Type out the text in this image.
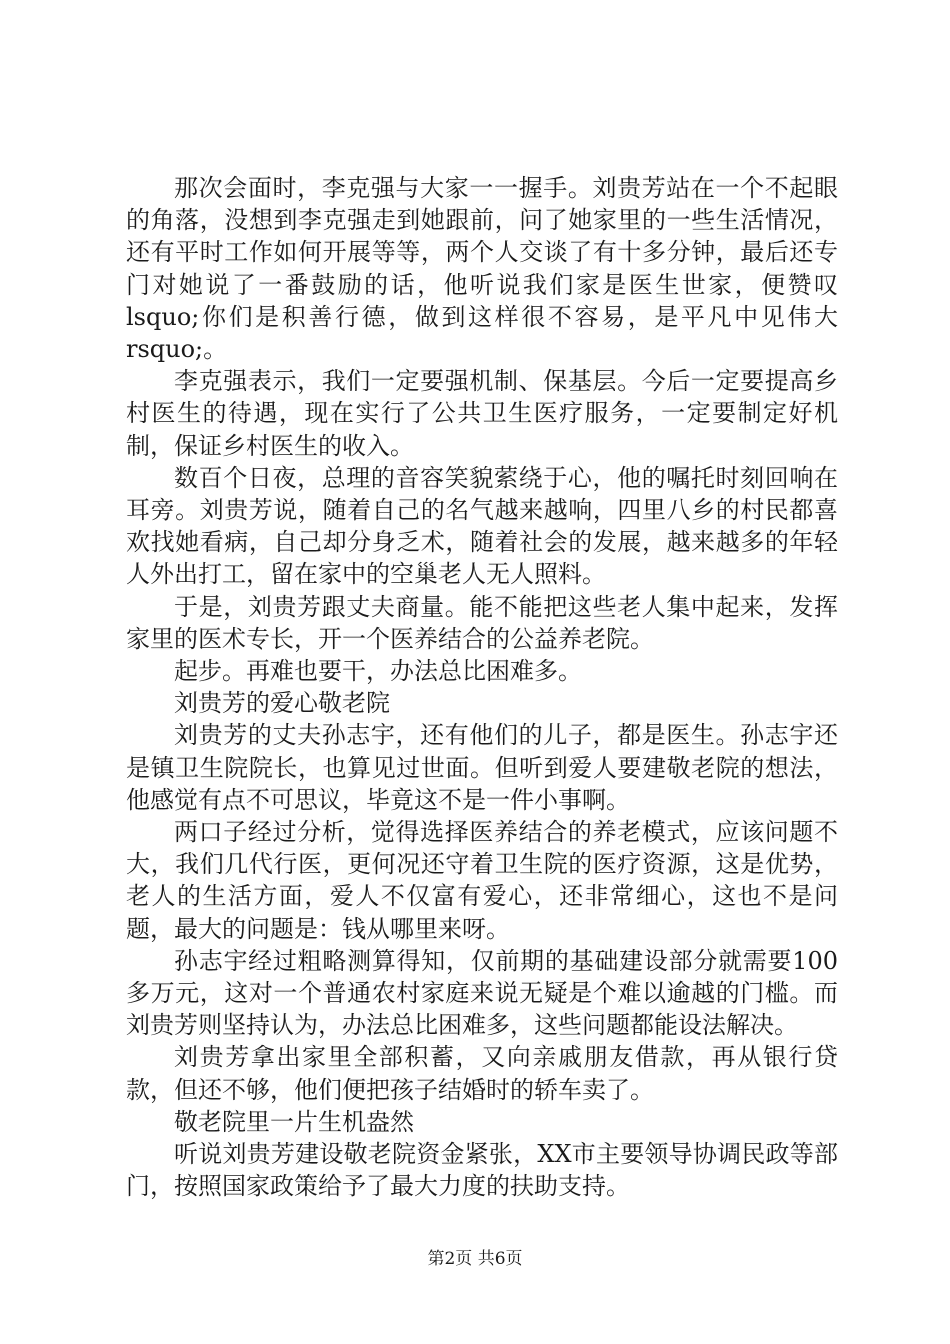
那次会面时，李克强与大家一一握手。刘贵芳站在一个不起眼的角落，没想到李克强走到她跟前，问了她家里的一些生活情况，还有平时工作如何开展等等，两个人交谈了有十多分钟，最后还专门对她说了一番鼓励的话，他听说我们家是医生世家，便赞叹 lsquo;你们是积善行德，做到这样很不容易，是平凡中见伟大 rsquo;。

李克强表示，我们一定要强机制、保基层。今后一定要提高乡村医生的待遇，现在实行了公共卫生医疗服务，一定要制定好机制，保证乡村医生的收入。

数百个日夜，总理的音容笑貌萦绕于心，他的嘱托时刻回响在耳旁。刘贵芳说，随着自己的名气越来越响，四里八乡的村民都喜欢找她看病，自己却分身乏术，随着社会的发展，越来越多的年轻人外出打工，留在家中的空巢老人无人照料。

于是，刘贵芳跟丈夫商量。能不能把这些老人集中起来，发挥家里的医术专长，开一个医养结合的公益养老院。

起步。再难也要干，办法总比困难多。

刘贵芳的爱心敬老院

刘贵芳的丈夫孙志宇，还有他们的儿子，都是医生。孙志宇还是镇卫生院院长，也算见过世面。但听到爱人要建敬老院的想法，他感觉有点不可思议，毕竟这不是一件小事啊。

两口子经过分析，觉得选择医养结合的养老模式，应该问题不大，我们几代行医，更何况还守着卫生院的医疗资源，这是优势，老人的生活方面，爱人不仅富有爱心，还非常细心，这也不是问题，最大的问题是：钱从哪里来呀。

孙志宇经过粗略测算得知，仅前期的基础建设部分就需要100多万元，这对一个普通农村家庭来说无疑是个难以逾越的门槛。而刘贵芳则坚持认为，办法总比困难多，这些问题都能设法解决。

刘贵芳拿出家里全部积蓄，又向亲戚朋友借款，再从银行贷款，但还不够，他们便把孩子结婚时的轿车卖了。

敬老院里一片生机盎然

听说刘贵芳建设敬老院资金紧张，XX市主要领导协调民政等部门，按照国家政策给予了最大力度的扶助支持。

第2页 共6页
